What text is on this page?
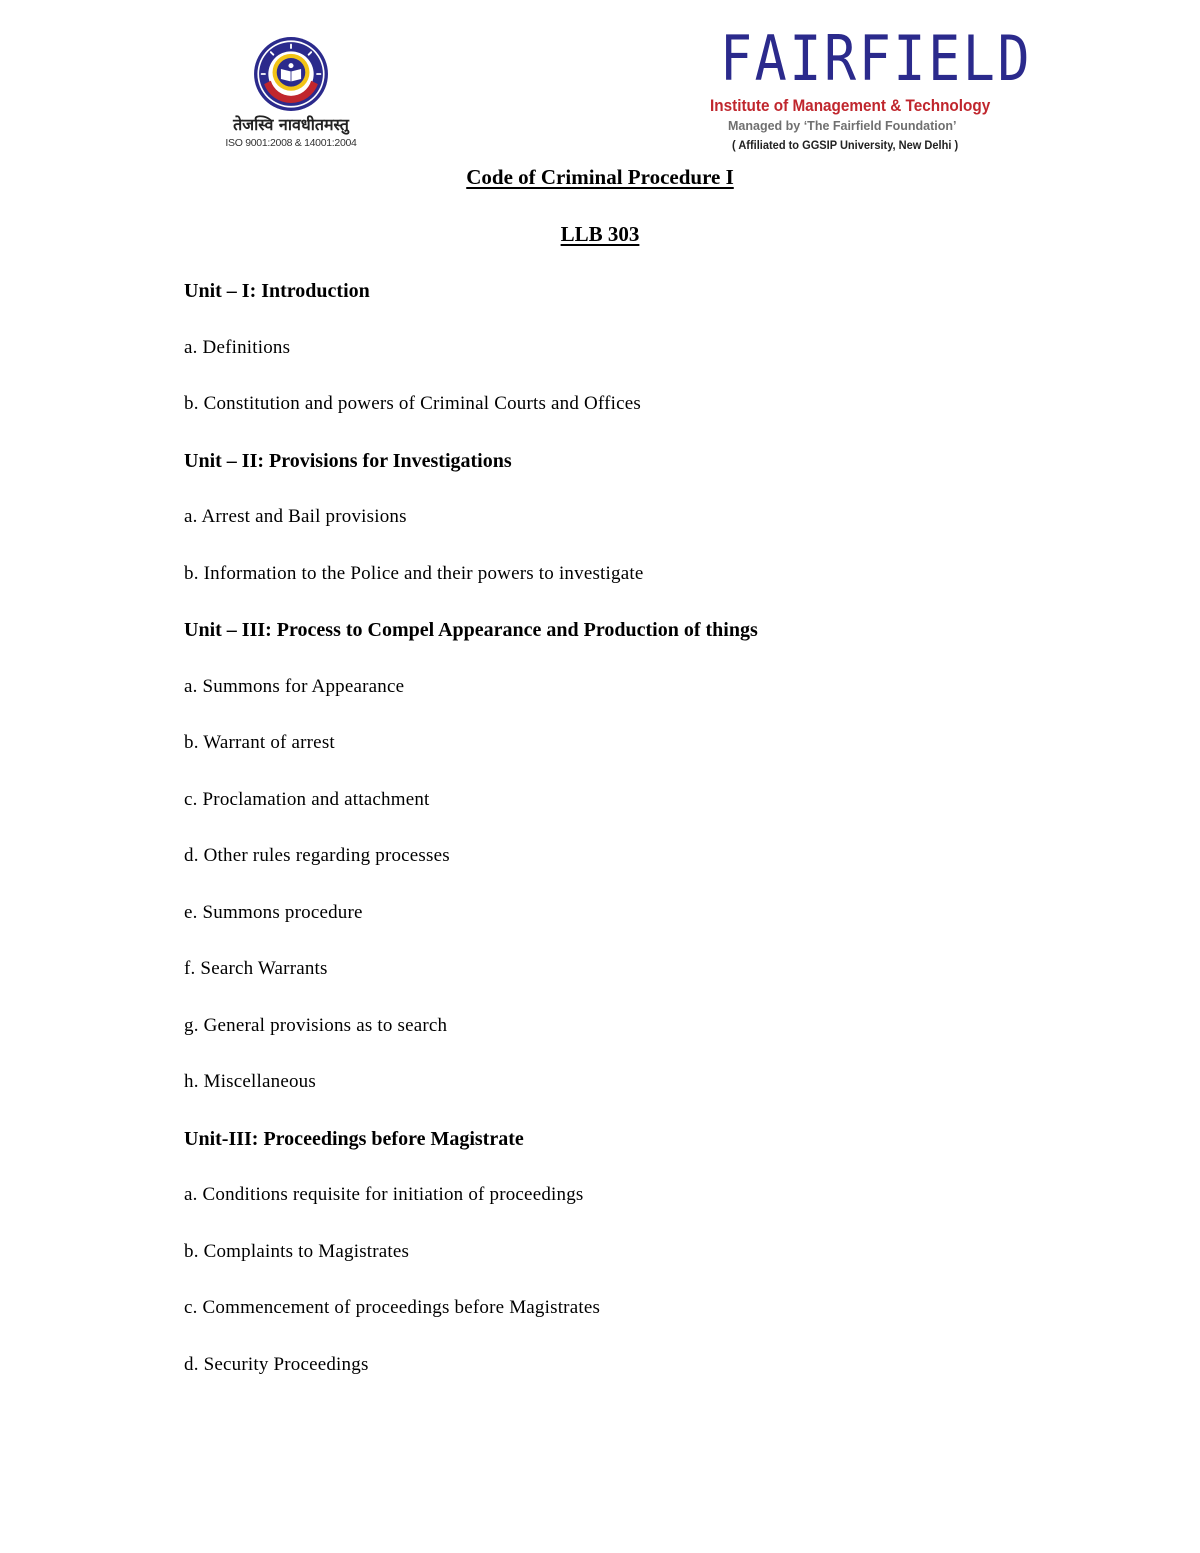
तेजस्वि नावधीतमस्तु
ISO 9001:2008 & 14001:2004
FAIRFIELD
Institute of Management & Technology
Managed by ‘The Fairfield Foundation’
( Affiliated to GGSIP University, New Delhi )
Code of Criminal Procedure I
LLB 303
Unit – I: Introduction
a. Definitions
b. Constitution and powers of Criminal Courts and Offices
Unit – II: Provisions for Investigations
a. Arrest and Bail provisions
b. Information to the Police and their powers to investigate
Unit – III: Process to Compel Appearance and Production of things
a. Summons for Appearance
b. Warrant of arrest
c. Proclamation and attachment
d. Other rules regarding processes
e. Summons procedure
f. Search Warrants
g. General provisions as to search
h. Miscellaneous
Unit-III: Proceedings before Magistrate
a. Conditions requisite for initiation of proceedings
b. Complaints to Magistrates
c. Commencement of proceedings before Magistrates
d. Security Proceedings
